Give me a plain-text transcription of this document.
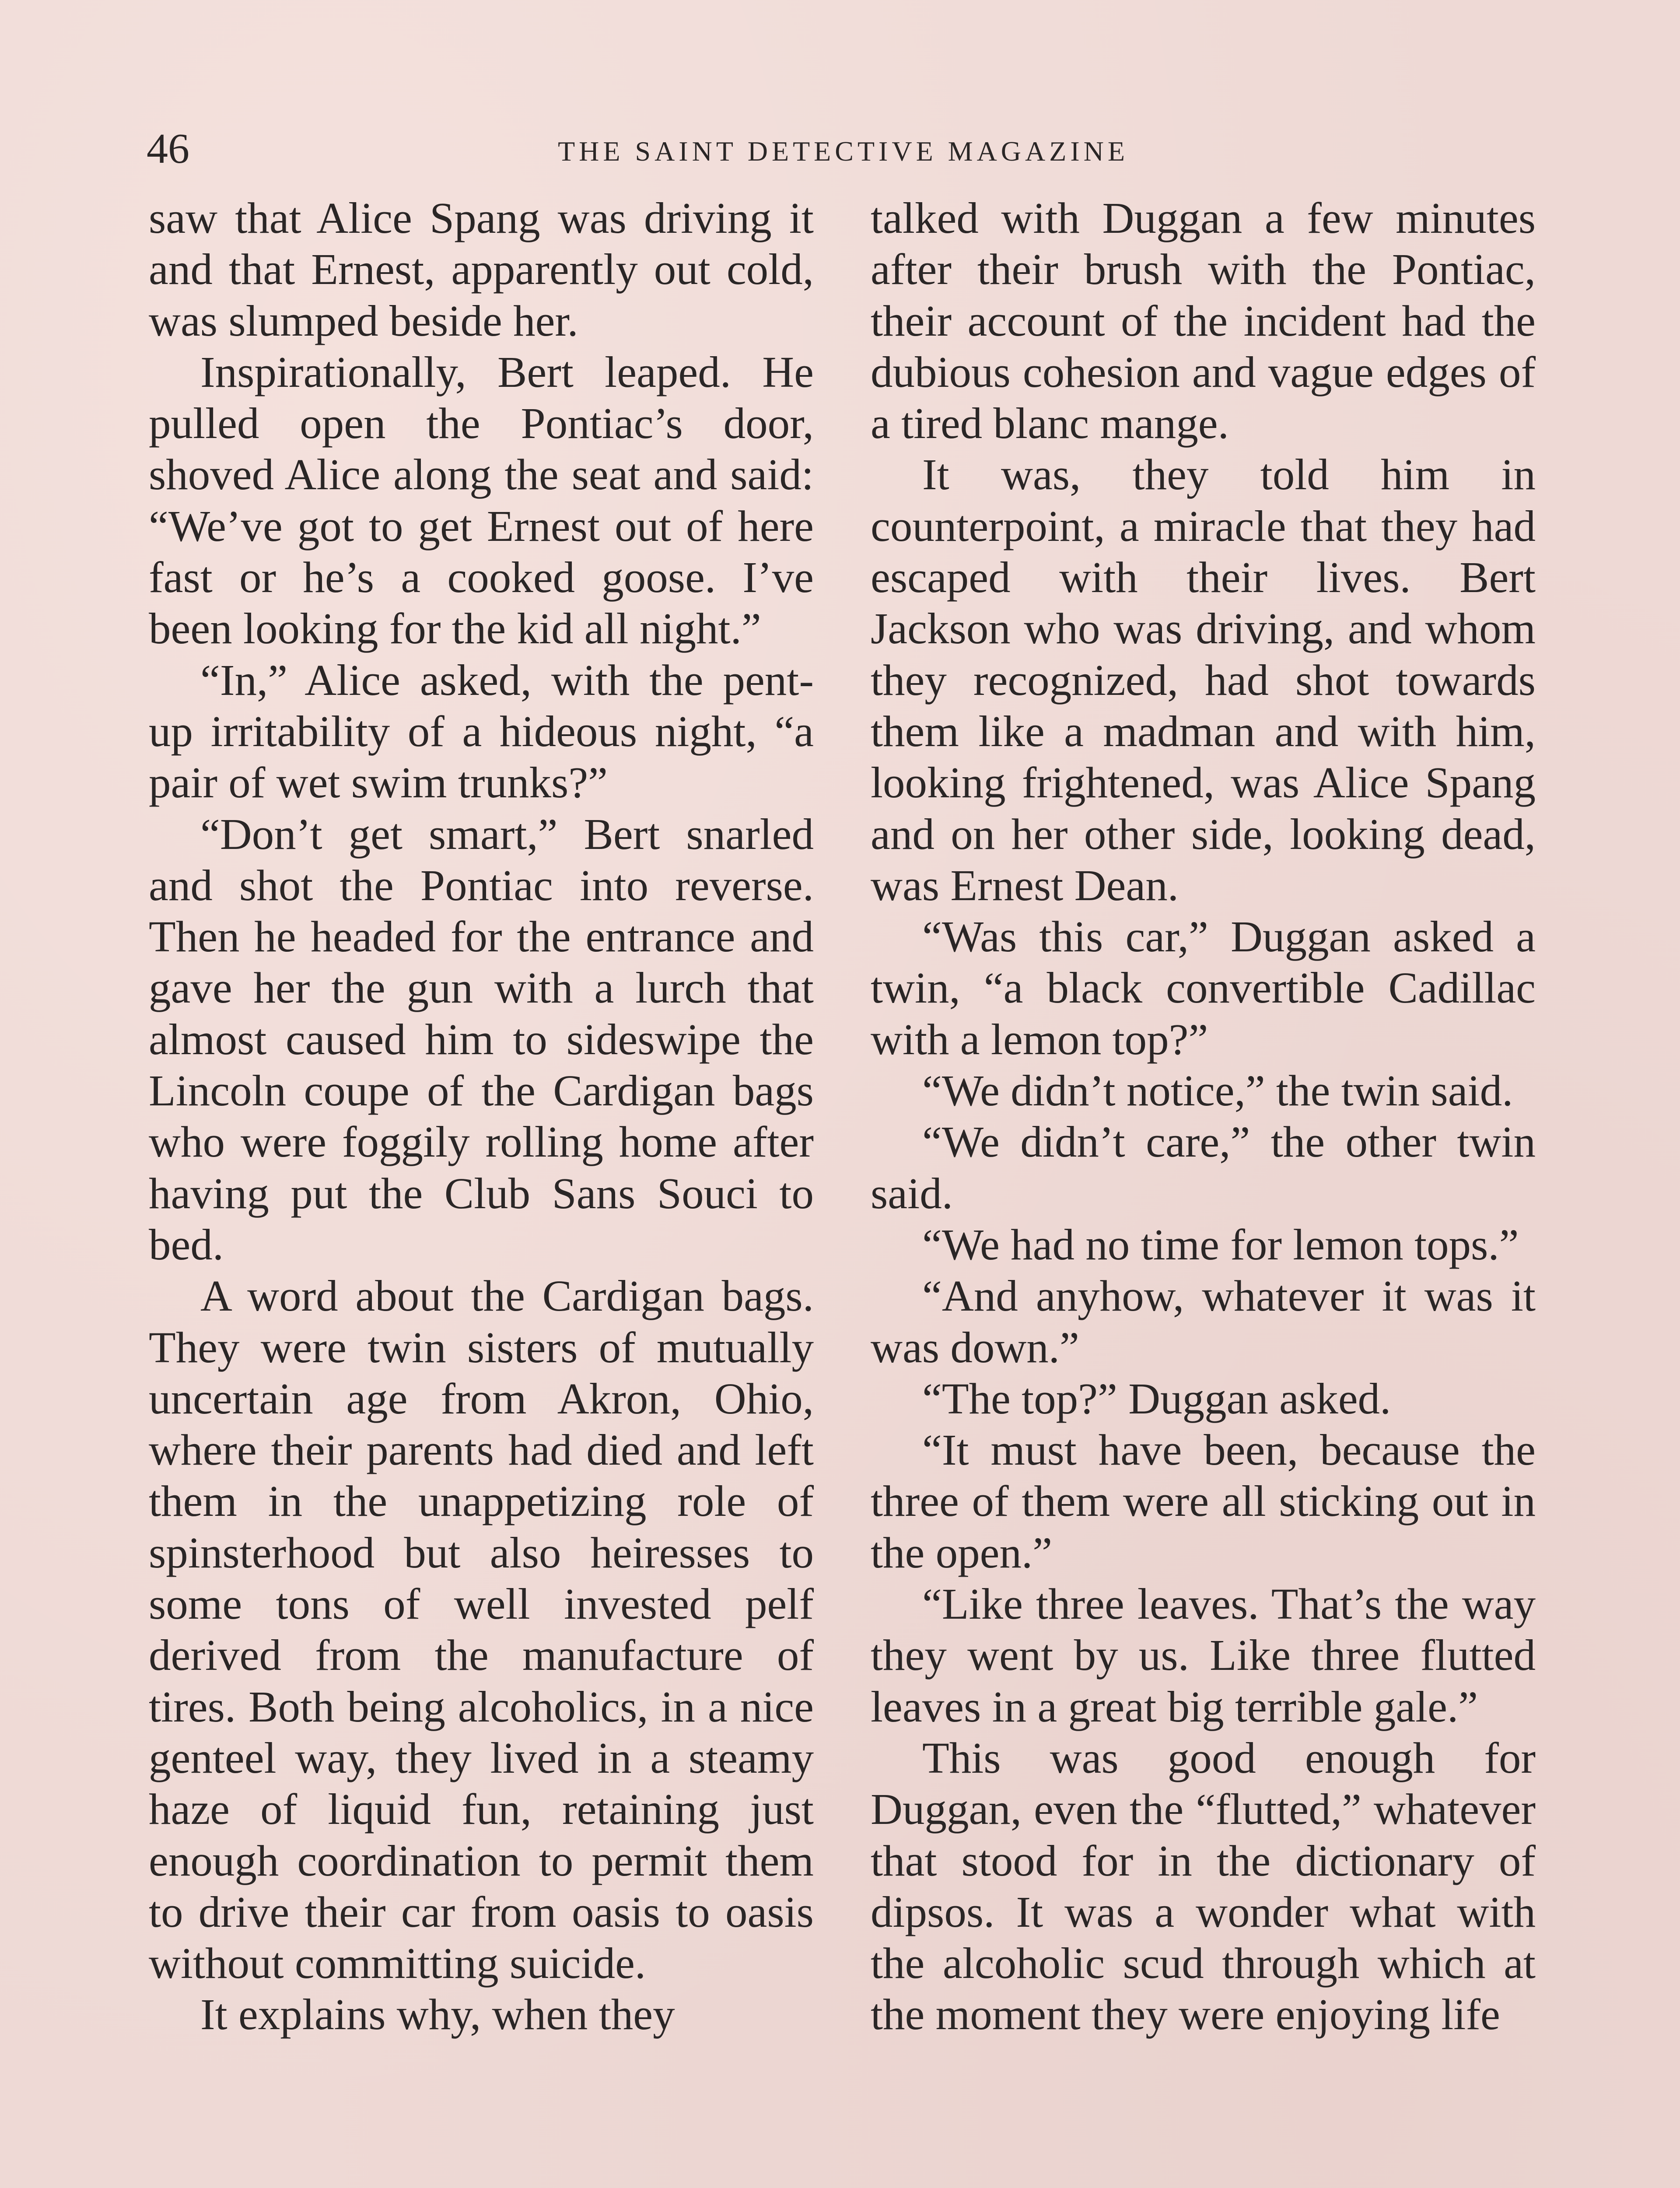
46	THE SAINT DETECTIVE MAGAZINE

saw that Alice Spang was driving it and that Ernest, apparently out cold, was slumped beside her.

Inspirationally, Bert leaped. He pulled open the Pontiac’s door, shoved Alice along the seat and said: “We’ve got to get Ernest out of here fast or he’s a cooked goose. I’ve been looking for the kid all night.”

“In,” Alice asked, with the pent-up irritability of a hideous night, “a pair of wet swim trunks?”

“Don’t get smart,” Bert snarled and shot the Pontiac into reverse. Then he headed for the entrance and gave her the gun with a lurch that almost caused him to sideswipe the Lincoln coupe of the Cardigan bags who were foggily rolling home after having put the Club Sans Souci to bed.

A word about the Cardigan bags. They were twin sisters of mutually uncertain age from Akron, Ohio, where their parents had died and left them in the unappetizing role of spinsterhood but also heiresses to some tons of well invested pelf derived from the manufacture of tires. Both being alcoholics, in a nice genteel way, they lived in a steamy haze of liquid fun, retaining just enough coordination to permit them to drive their car from oasis to oasis without committing suicide.

It explains why, when they

talked with Duggan a few minutes after their brush with the Pontiac, their account of the incident had the dubious cohesion and vague edges of a tired blanc mange.

It was, they told him in counterpoint, a miracle that they had escaped with their lives. Bert Jackson who was driving, and whom they recognized, had shot towards them like a madman and with him, looking frightened, was Alice Spang and on her other side, looking dead, was Ernest Dean.

“Was this car,” Duggan asked a twin, “a black convertible Cadillac with a lemon top?”

“We didn’t notice,” the twin said.

“We didn’t care,” the other twin said.

“We had no time for lemon tops.”

“And anyhow, whatever it was it was down.”

“The top?” Duggan asked.

“It must have been, because the three of them were all sticking out in the open.”

“Like three leaves. That’s the way they went by us. Like three flutted leaves in a great big terrible gale.”

This was good enough for Duggan, even the “flutted,” whatever that stood for in the dictionary of dipsos. It was a wonder what with the alcoholic scud through which at the moment they were enjoying life
